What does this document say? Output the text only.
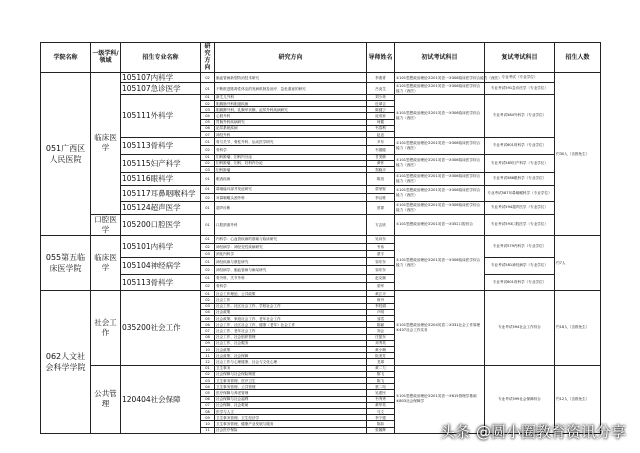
学院名称	一级学科/领域	招生专业名称	研究方向	研究方向	导师姓名	初试考试科目	复试考试科目	招生人数
051广西区人民医院	临床医学	105107内科学	02	脑血管病新型防治技术研究	李燕青	①101思想政治理论②201英语一③306临床医学综合能力（西医）	专业考试（专业学位）	约30人（含推免生）
		105107急诊医学	01	不断推进脓毒性休克的发病机制及治疗、急危重症的研究	吕炎艾	①101思想政治理论②201英语一③306临床医学综合能力（西医）	专业考试591急诊医学（专业学位）	
		105111外科学	01	新生儿外科	刘少荣	①101思想政治理论②201英语一③306临床医学综合能力（西医）	专业考试584外科学（专业学位）	
			02	胆胰肠外科胆道疾病	杜翠吉			
			03	胆胰脾外科、乳腺甲状腺、泌尿外科疾病研究	陈健宁			
			04	心脏外科	庞成家			
			05	胃肠外科疾病研究	何健			
			06	泌尿系统疾病	韦春利			
			07	神经外科	赵忠			
		105113骨科学	01	骨与关节、脊柱外科、运动医学研究	尹东	①101思想政治理论②201英语一③306临床医学综合能力（西医）	专业考试601骨科学（专业学位）	
			02	骨科学	韦德健			
		105115妇产科学	01	妇科肿瘤、妇科内分泌	甘美鼎	①101思想政治理论②201英语一③306临床医学综合能力（西医）	专业考试585妇产科学（专业学位）	
			02	妇科肿瘤、妇科、妇科内分泌	黄怀			
			03	妇科肿瘤	郑晓平			
		105116眼科学	01	眼表疾病	陈田	①101思想政治理论②201英语一③306临床医学综合能力（西医）	专业考试586眼科学（专业学位）	
		105117耳鼻咽喉科学	01	鼻咽癌耳部并发症研究	蒙荣财	①101思想政治理论②201英语一③306临床医学综合能力（西医）	专业考试587耳鼻咽喉科学（专业学位）	
			02	耳鼻咽喉头颈外科	李汉栋			
		105124超声医学	01	超声诊断	蔡菁	①101思想政治理论②201英语一③306临床医学综合能力（西医）	专业考试594超声医学（专业学位）	
	口腔医学	105200口腔医学	01	口腔颌面外科	方志欣	①101思想政治理论②201英语一③352口腔综合	专业考试593口腔医学（专业学位）	
055第五临床医学院	临床医学	105101内科学	01	内科学：心血管疾病的基础与临床研究	吴向东	①101思想政治理论②201英语一③306临床医学综合能力（西医）	专业考试579内科学（专业学位）	约7人
			02	神经病学：神经变性疾病研究	韦伟			
			03	消化内科学	蒙宇			
		105104神经病学	01	神经疾病与康复研究	邹东东		专业考试581神经病学（专业学位）	
			02	神经病学、脑血管病与痴呆研究	邹东东			
		105113骨科学	01	骨外科、关节外科	赵克顺		专业考试601骨科学（专业学位）	
			02	骨科学	梁军			
062人文社会科学学院	社会工作	035200社会工作	01	社会工作理论、公共政策	黄江平	①101思想政治理论②204英语二③331社会工作原理④437社会工作实务	专业考试594社会工作综合	约18人（含推免生）
			02	社会工作	蒋丹			
			03	社会工作、社区社会工作、学校社会工作	李桂娟			
			04	社会政策	卢明			
			05	社会政策、家庭社会工作、老年社会工作	邹雪			
			06	社会工作、社区社会工作、健康（老年）社会工作	陈颖			
			07	社会工作、老年社会工作	刘会			
			08	社会工作、社会组织管理	庄振东			
			09	社会工作、社会服务	邓秀英			
			10	社会政策	黄小梅			
			11	社会政策、社会保障	阮美芳			
			12	社会工作与心理健康、社会与文化心理	龙翠			
	公共管理	120404社会保障	01	卫生事务	黄二力	①101思想政治理论②201英语一③615管理学基础④803社会保障学	专业考试599社会保障综合	约12人（含推免生）
			02	社会保障与社会保险制度	陈飞			
			03	卫生事务管理、医疗卫生	陈飞			
			04	卫生事务管理、公共管理	蔡二均			
			05	医疗保障与养老管理	吴建民			
			06	社会保障与社会福利	韦秀秀			
			07	社会保障、社会救助	黄华英			
			08	医学与人文	马文			
			09	卫生事务管理、卫生经济学	李宁德			
			10	卫生事务管理、健康产业发展与服务	陈如			
			11	社会医疗保险	张毓辉				头条 @圆小圈教育资讯分享
